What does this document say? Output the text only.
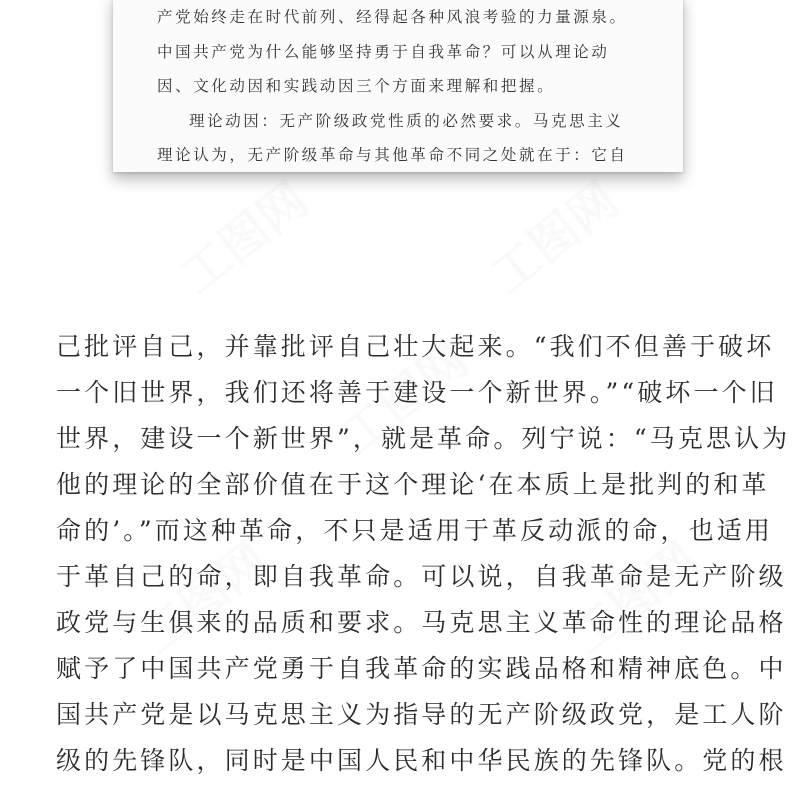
工图网	工图网
工图网
工图网	工图网
产党始终走在时代前列、经得起各种风浪考验的力量源泉。
中国共产党为什么能够坚持勇于自我革命？可以从理论动
因、文化动因和实践动因三个方面来理解和把握。
理论动因：无产阶级政党性质的必然要求。马克思主义
理论认为，无产阶级革命与其他革命不同之处就在于：它自
己批评自己，并靠批评自己壮大起来。“我们不但善于破坏
一个旧世界，我们还将善于建设一个新世界。”“破坏一个旧
世界，建设一个新世界”，就是革命。列宁说：“马克思认为
他的理论的全部价值在于这个理论‘在本质上是批判的和革
命的’。”而这种革命，不只是适用于革反动派的命，也适用
于革自己的命，即自我革命。可以说，自我革命是无产阶级
政党与生俱来的品质和要求。马克思主义革命性的理论品格
赋予了中国共产党勇于自我革命的实践品格和精神底色。中
国共产党是以马克思主义为指导的无产阶级政党，是工人阶
级的先锋队，同时是中国人民和中华民族的先锋队。党的根
